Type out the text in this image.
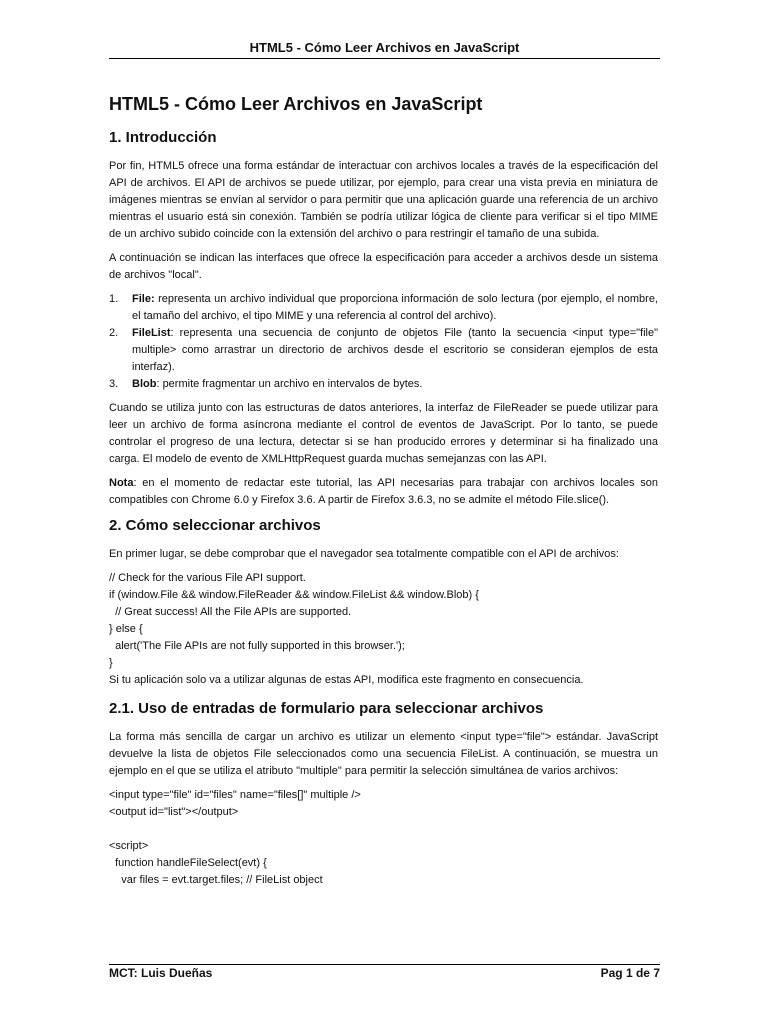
HTML5 - Cómo Leer Archivos en JavaScript
HTML5 - Cómo Leer Archivos en JavaScript
1. Introducción

Por fin, HTML5 ofrece una forma estándar de interactuar con archivos locales a través de la especificación del API de archivos. El API de archivos se puede utilizar, por ejemplo, para crear una vista previa en miniatura de imágenes mientras se envían al servidor o para permitir que una aplicación guarde una referencia de un archivo mientras el usuario está sin conexión. También se podría utilizar lógica de cliente para verificar si el tipo MIME de un archivo subido coincide con la extensión del archivo o para restringir el tamaño de una subida.

A continuación se indican las interfaces que ofrece la especificación para acceder a archivos desde un sistema de archivos "local".

1. File: representa un archivo individual que proporciona información de solo lectura (por ejemplo, el nombre, el tamaño del archivo, el tipo MIME y una referencia al control del archivo).
2. FileList: representa una secuencia de conjunto de objetos File (tanto la secuencia <input type="file" multiple> como arrastrar un directorio de archivos desde el escritorio se consideran ejemplos de esta interfaz).
3. Blob: permite fragmentar un archivo en intervalos de bytes.

Cuando se utiliza junto con las estructuras de datos anteriores, la interfaz de FileReader se puede utilizar para leer un archivo de forma asíncrona mediante el control de eventos de JavaScript. Por lo tanto, se puede controlar el progreso de una lectura, detectar si se han producido errores y determinar si ha finalizado una carga. El modelo de evento de XMLHttpRequest guarda muchas semejanzas con las API.

Nota: en el momento de redactar este tutorial, las API necesarias para trabajar con archivos locales son compatibles con Chrome 6.0 y Firefox 3.6. A partir de Firefox 3.6.3, no se admite el método File.slice().

2. Cómo seleccionar archivos

En primer lugar, se debe comprobar que el navegador sea totalmente compatible con el API de archivos:

// Check for the various File API support.
if (window.File && window.FileReader && window.FileList && window.Blob) {
// Great success! All the File APIs are supported.
} else {
alert('The File APIs are not fully supported in this browser.');
}

Si tu aplicación solo va a utilizar algunas de estas API, modifica este fragmento en consecuencia.

2.1. Uso de entradas de formulario para seleccionar archivos

La forma más sencilla de cargar un archivo es utilizar un elemento <input type="file"> estándar. JavaScript devuelve la lista de objetos File seleccionados como una secuencia FileList. A continuación, se muestra un ejemplo en el que se utiliza el atributo "multiple" para permitir la selección simultánea de varios archivos:

<input type="file" id="files" name="files[]" multiple />
<output id="list"></output>
<script>
function handleFileSelect(evt) {
var files = evt.target.files; // FileList object
MCT: Luis Dueñas	Pag 1 de 7
